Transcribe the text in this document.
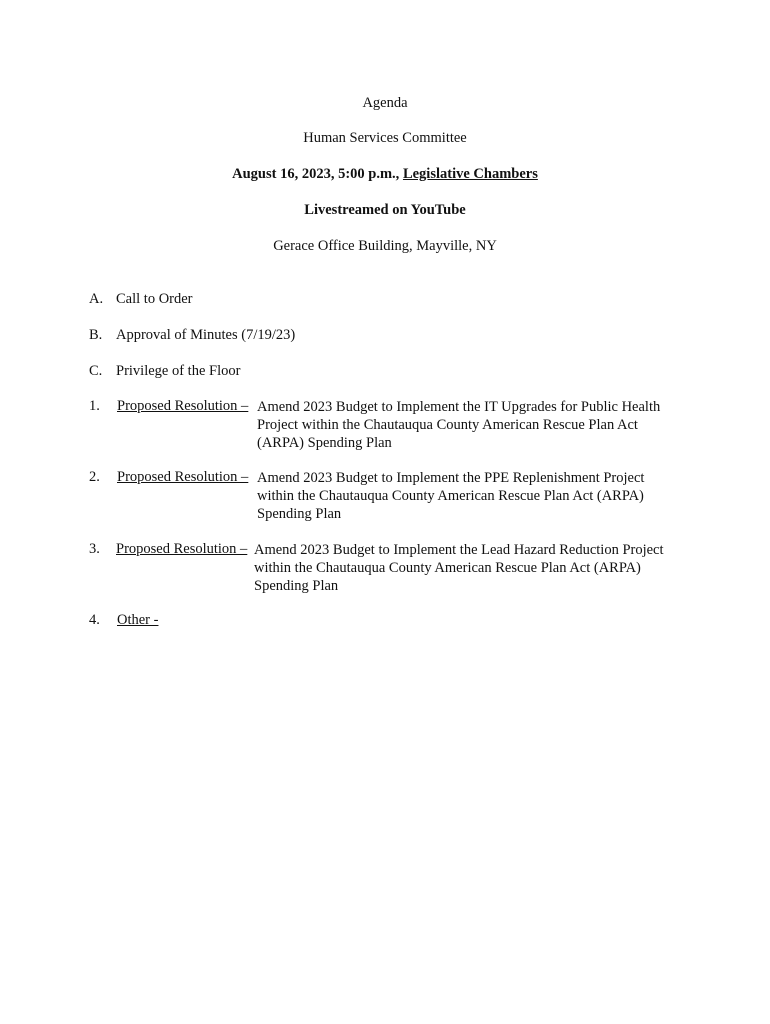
Agenda
Human Services Committee
August 16, 2023, 5:00 p.m., Legislative Chambers
Livestreamed on YouTube
Gerace Office Building, Mayville, NY
A. Call to Order
B. Approval of Minutes (7/19/23)
C. Privilege of the Floor
1. Proposed Resolution – Amend 2023 Budget to Implement the IT Upgrades for Public Health
Project within the Chautauqua County American Rescue Plan Act
(ARPA) Spending Plan
2. Proposed Resolution – Amend 2023 Budget to Implement the PPE Replenishment Project
within the Chautauqua County American Rescue Plan Act (ARPA)
Spending Plan
3. Proposed Resolution – Amend 2023 Budget to Implement the Lead Hazard Reduction Project
within the Chautauqua County American Rescue Plan Act (ARPA)
Spending Plan
4. Other -
